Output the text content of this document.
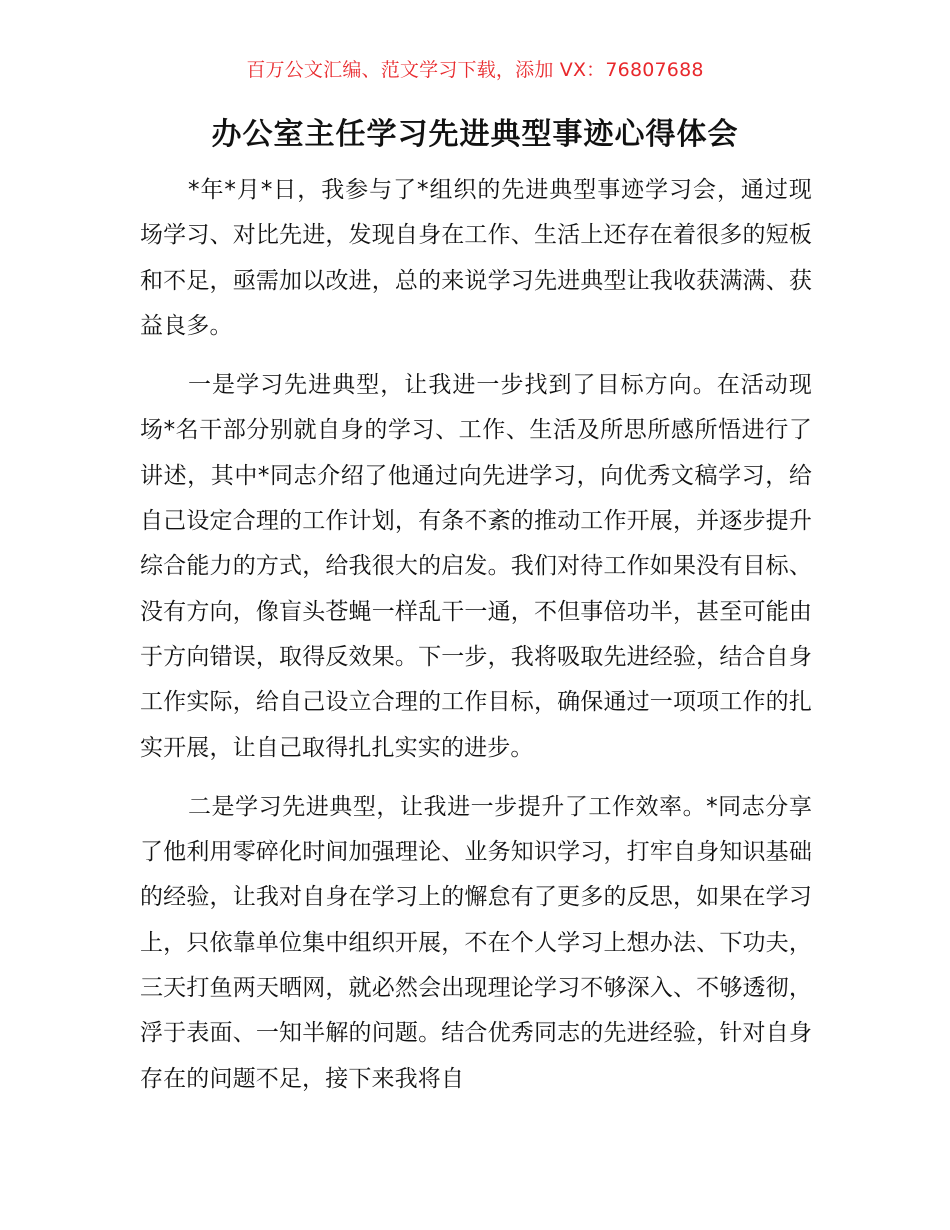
百万公文汇编、范文学习下载，添加 VX：76807688
办公室主任学习先进典型事迹心得体会

*年*月*日，我参与了*组织的先进典型事迹学习会，通过现场学习、对比先进，发现自身在工作、生活上还存在着很多的短板和不足，亟需加以改进，总的来说学习先进典型让我收获满满、获益良多。

一是学习先进典型，让我进一步找到了目标方向。在活动现场*名干部分别就自身的学习、工作、生活及所思所感所悟进行了讲述，其中*同志介绍了他通过向先进学习，向优秀文稿学习，给自己设定合理的工作计划，有条不紊的推动工作开展，并逐步提升综合能力的方式，给我很大的启发。我们对待工作如果没有目标、没有方向，像盲头苍蝇一样乱干一通，不但事倍功半，甚至可能由于方向错误，取得反效果。下一步，我将吸取先进经验，结合自身工作实际，给自己设立合理的工作目标，确保通过一项项工作的扎实开展，让自己取得扎扎实实的进步。

二是学习先进典型，让我进一步提升了工作效率。*同志分享了他利用零碎化时间加强理论、业务知识学习，打牢自身知识基础的经验，让我对自身在学习上的懈怠有了更多的反思，如果在学习上，只依靠单位集中组织开展，不在个人学习上想办法、下功夫，三天打鱼两天晒网，就必然会出现理论学习不够深入、不够透彻，浮于表面、一知半解的问题。结合优秀同志的先进经验，针对自身存在的问题不足，接下来我将自
